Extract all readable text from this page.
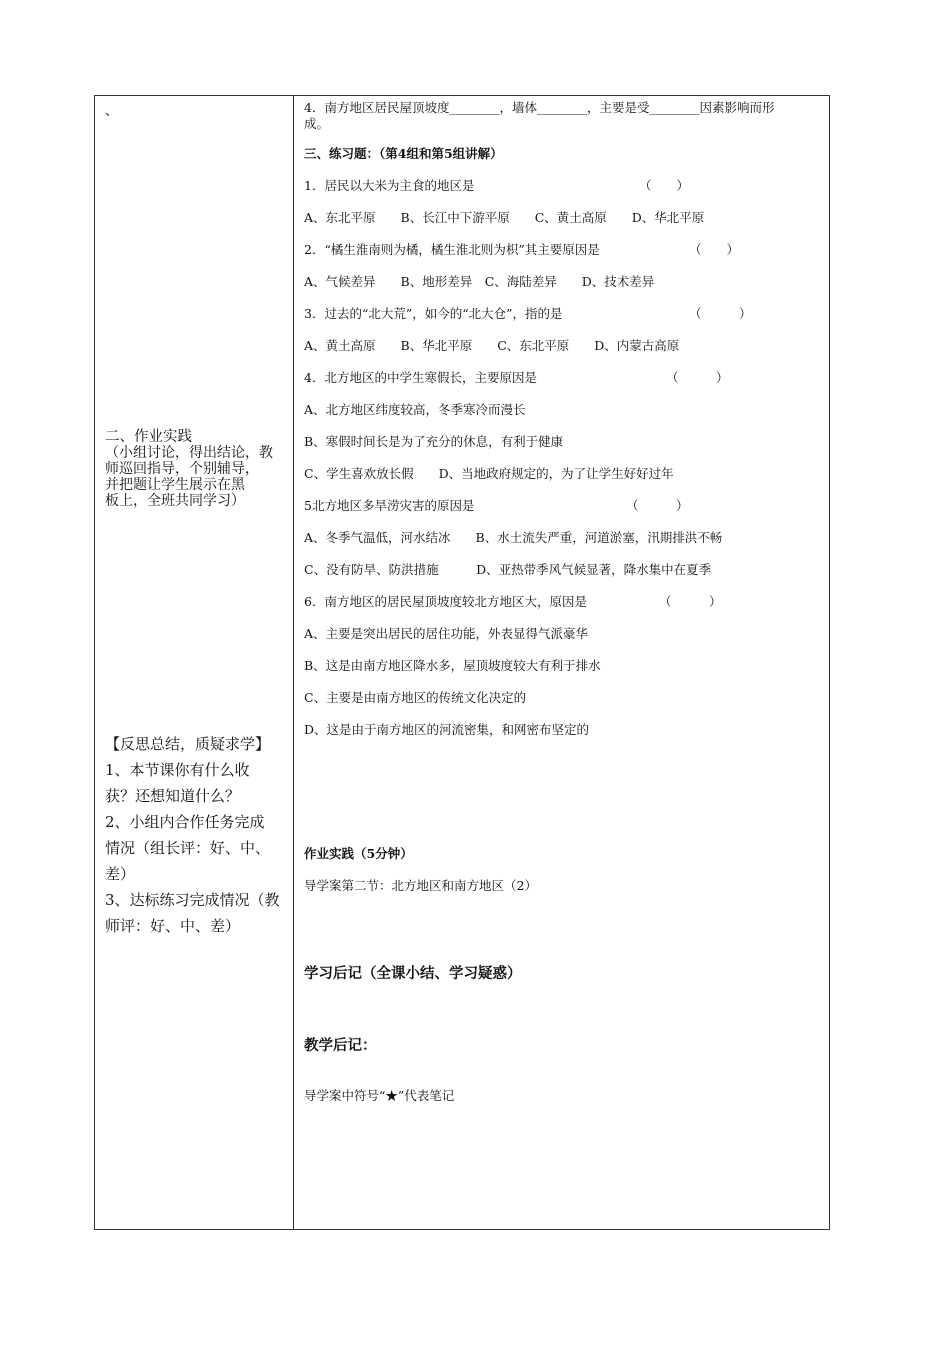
、
二、作业实践
（小组讨论，得出结论，教
师巡回指导，个别辅导，
并把题让学生展示在黑
板上，全班共同学习）
【反思总结，质疑求学】
1、本节课你有什么收
获？还想知道什么？
2、小组内合作任务完成
情况（组长评：好、中、
差）
3、达标练习完成情况（教
师评：好、中、差）
4．南方地区居民屋顶坡度________，墙体________，主要是受________因素影响而形
成。
三、练习题：（第4组和第5组讲解）
1．居民以大米为主食的地区是	（　　）
A、东北平原　　B、长江中下游平原　　C、黄土高原　　D、华北平原
2．“橘生淮南则为橘，橘生淮北则为枳”其主要原因是	（　　）
A、气候差异　　B、地形差异　C、海陆差异　　D、技术差异
3．过去的“北大荒”，如今的“北大仓”，指的是	（　　　）
A、黄土高原　　B、华北平原　　C、东北平原　　D、内蒙古高原
4．北方地区的中学生寒假长，主要原因是	（　　　）
A、北方地区纬度较高，冬季寒冷而漫长
B、寒假时间长是为了充分的休息，有利于健康
C、学生喜欢放长假　　D、当地政府规定的，为了让学生好好过年
5北方地区多旱涝灾害的原因是	（　　　）
A、冬季气温低，河水结冰　　B、水土流失严重，河道淤塞，汛期排洪不畅
C、没有防旱、防洪措施　　　D、亚热带季风气候显著，降水集中在夏季
6．南方地区的居民屋顶坡度较北方地区大，原因是	（　　　）
A、主要是突出居民的居住功能，外表显得气派豪华
B、这是由南方地区降水多，屋顶坡度较大有利于排水
C、主要是由南方地区的传统文化决定的
D、这是由于南方地区的河流密集，和网密布坚定的
作业实践（5分钟）
导学案第二节：北方地区和南方地区（2）
学习后记（全课小结、学习疑惑）
教学后记：
导学案中符号“★”代表笔记
